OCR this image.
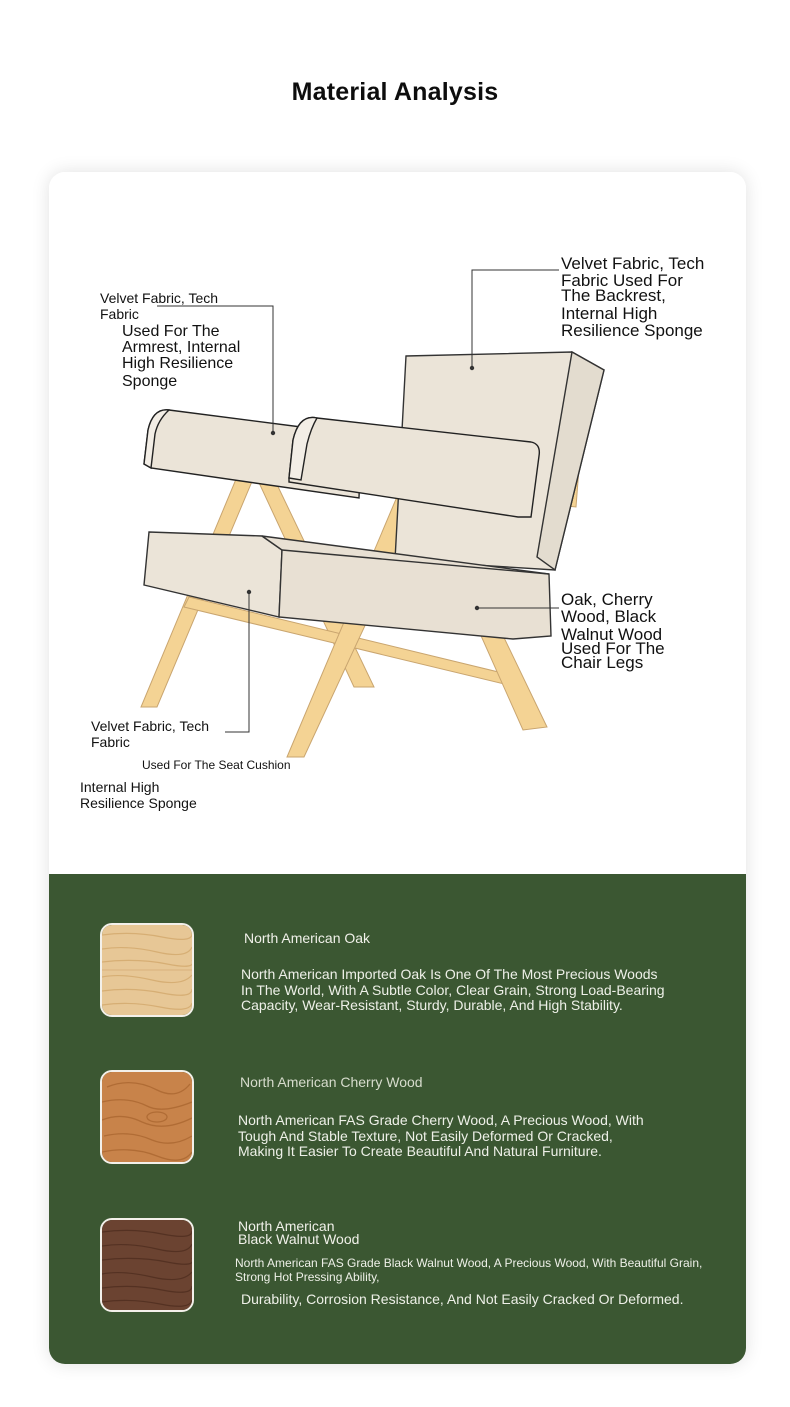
Material Analysis
Velvet Fabric, Tech
Fabric
Used For The
Armrest, Internal
High Resilience
Sponge
Velvet Fabric, Tech
Fabric Used For
The Backrest,
Internal High
Resilience Sponge
Oak, Cherry
Wood, Black
Walnut Wood
Used For The
Chair Legs
Velvet Fabric, Tech
Fabric
Used For The Seat Cushion
Internal High
Resilience Sponge
North American Oak
North American Imported Oak Is One Of The Most Precious Woods
In The World, With A Subtle Color, Clear Grain, Strong Load-Bearing
Capacity, Wear-Resistant, Sturdy, Durable, And High Stability.
North American Cherry Wood
North American FAS Grade Cherry Wood, A Precious Wood, With
Tough And Stable Texture, Not Easily Deformed Or Cracked,
Making It Easier To Create Beautiful And Natural Furniture.
North American
Black Walnut Wood
North American FAS Grade Black Walnut Wood, A Precious Wood, With Beautiful Grain,
Strong Hot Pressing Ability,
Durability, Corrosion Resistance, And Not Easily Cracked Or Deformed.
